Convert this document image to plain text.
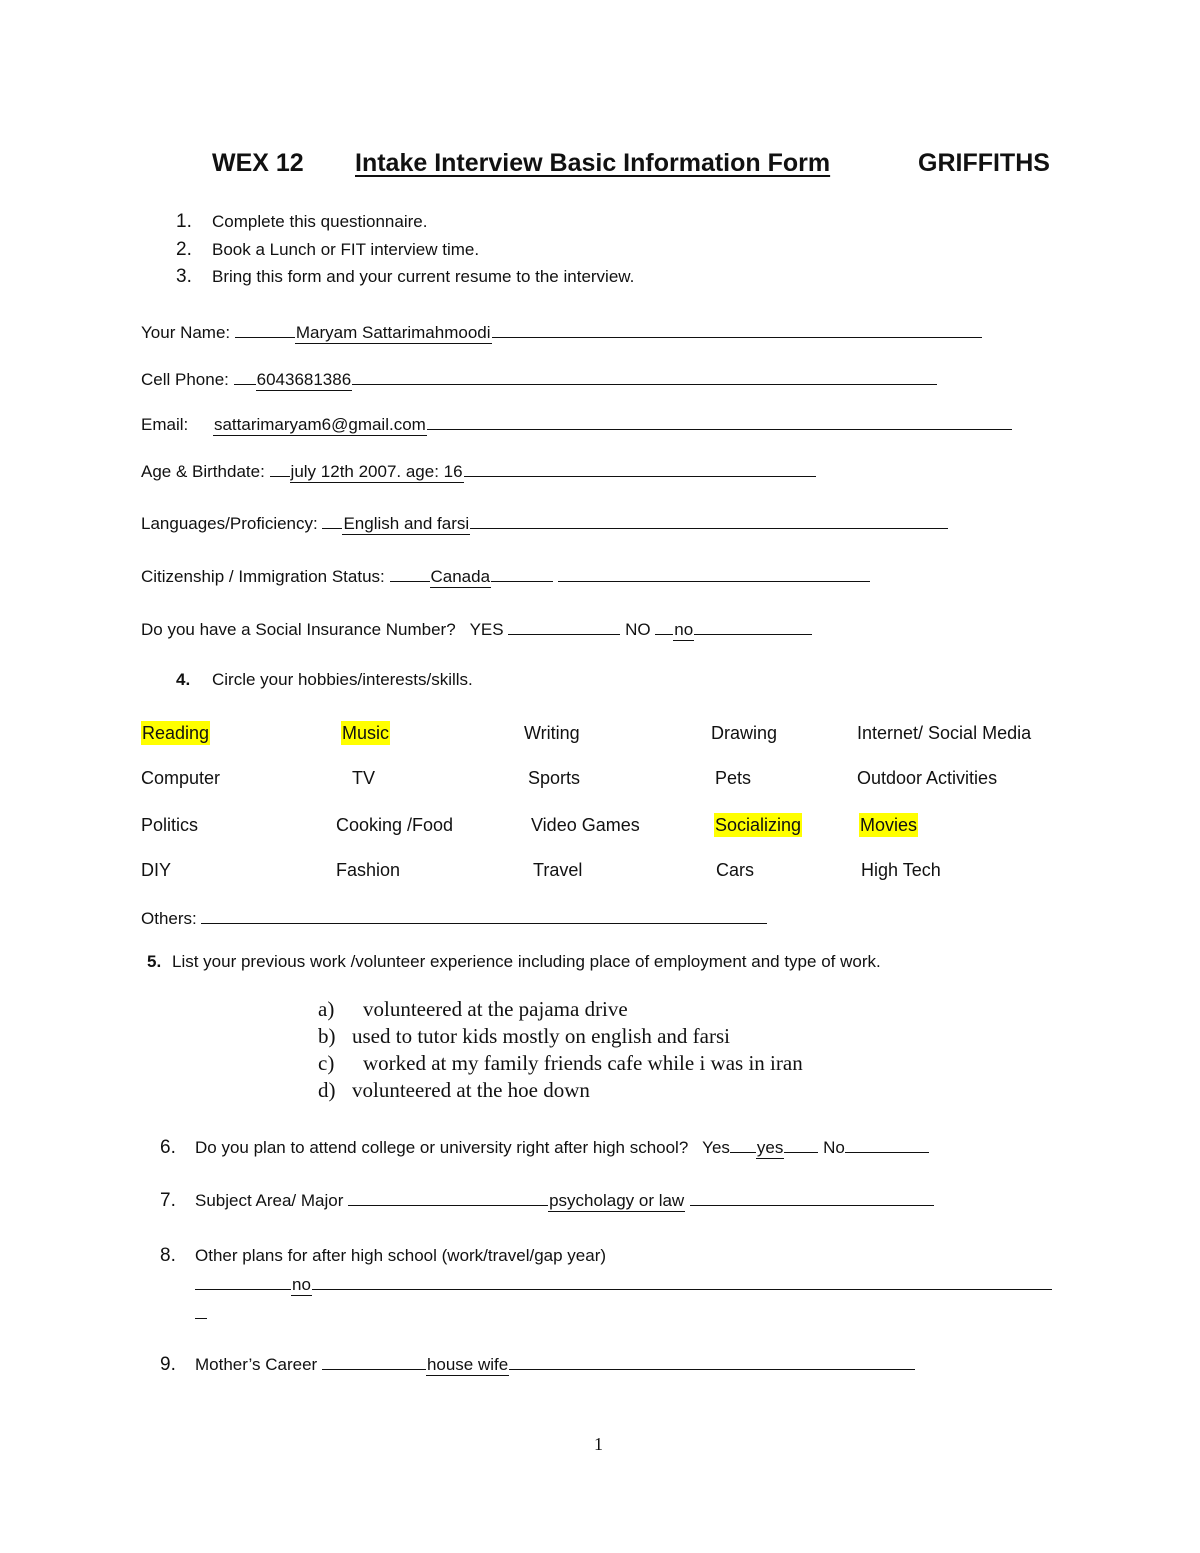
WEX 12 Intake Interview Basic Information Form	GRIFFITHS
1. Complete this questionnaire.
2. Book a Lunch or FIT interview time.
3. Bring this form and your current resume to the interview.
Your Name:	Maryam Sattarimahmoodi
Cell Phone: 6043681386
Email: sattarimaryam6@gmail.com
Age & Birthdate: july 12th 2007. age: 16
Languages/Proficiency: English and farsi
Citizenship / Immigration Status:	Canada
Do you have a Social Insurance Number? YES	NO no
4. Circle your hobbies/interests/skills.
Reading	Music	Writing	Drawing	Internet/ Social Media
Computer	TV	Sports	Pets	Outdoor Activities
Politics	Cooking /Food	Video Games	Socializing	Movies
DIY	Fashion	Travel	Cars	High Tech
Others:
5. List your previous work /volunteer experience including place of employment and type of work.
a) volunteered at the pajama drive
b) used to tutor kids mostly on english and farsi
c) worked at my family friends cafe while i was in iran
d) volunteered at the hoe down
6. Do you plan to attend college or university right after high school? Yes yes No
7. Subject Area/ Major	psycholagy or law
8. Other plans for after high school (work/travel/gap year)
no
9. Mother’s Career	house wife
1
